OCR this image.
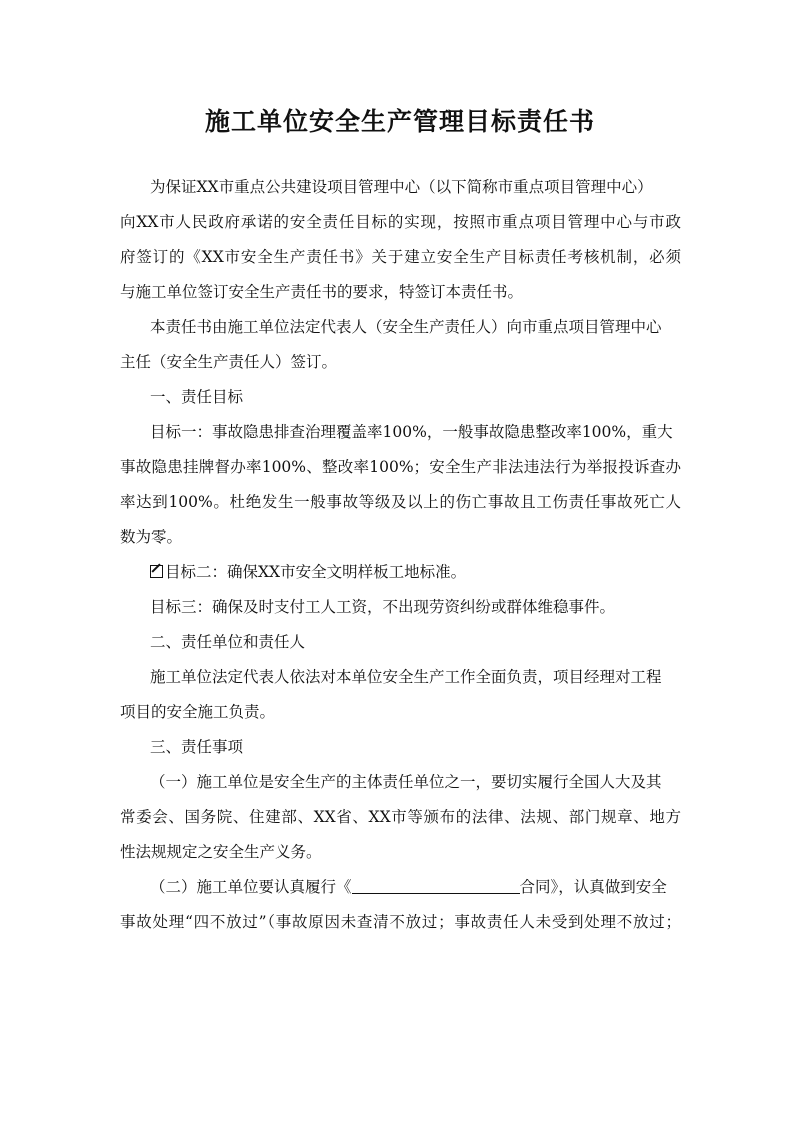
施工单位安全生产管理目标责任书
为保证XX市重点公共建设项目管理中心（以下简称市重点项目管理中心）
向XX市人民政府承诺的安全责任目标的实现，按照市重点项目管理中心与市政
府签订的《XX市安全生产责任书》关于建立安全生产目标责任考核机制，必须
与施工单位签订安全生产责任书的要求，特签订本责任书。
本责任书由施工单位法定代表人（安全生产责任人）向市重点项目管理中心
主任（安全生产责任人）签订。
一、责任目标
目标一：事故隐患排查治理覆盖率100%，一般事故隐患整改率100%，重大
事故隐患挂牌督办率100%、整改率100%；安全生产非法违法行为举报投诉查办
率达到100%。杜绝发生一般事故等级及以上的伤亡事故且工伤责任事故死亡人
数为零。
目标二：确保XX市安全文明样板工地标准。
目标三：确保及时支付工人工资，不出现劳资纠纷或群体维稳事件。
二、责任单位和责任人
施工单位法定代表人依法对本单位安全生产工作全面负责，项目经理对工程
项目的安全施工负责。
三、责任事项
（一）施工单位是安全生产的主体责任单位之一，要切实履行全国人大及其
常委会、国务院、住建部、XX省、XX市等颁布的法律、法规、部门规章、地方
性法规规定之安全生产义务。
（二）施工单位要认真履行《	合同》，认真做到安全
事故处理“四不放过”（事故原因未查清不放过；事故责任人未受到处理不放过；
